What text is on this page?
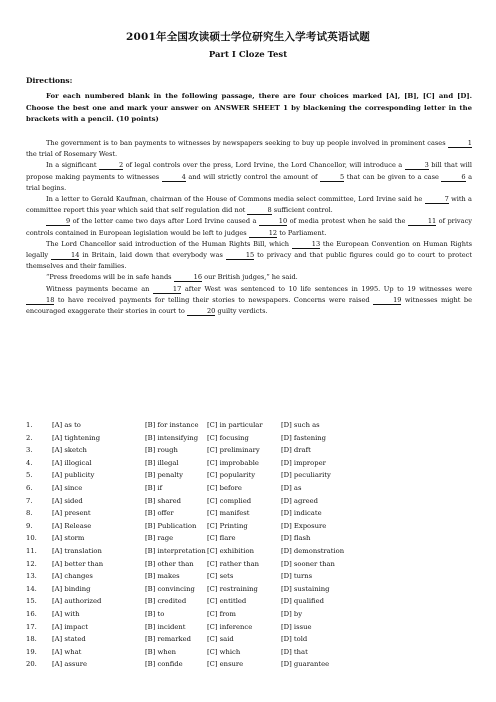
2001年全国攻读硕士学位研究生入学考试英语试题
Part I Cloze Test
Directions:
For each numbered blank in the following passage, there are four choices marked [A], [B], [C] and [D]. Choose the best one and mark your answer on ANSWER SHEET 1 by blackening the corresponding letter in the brackets with a pencil. (10 points)

The government is to ban payments to witnesses by newspapers seeking to buy up people involved in prominent cases	1 the trial of Rosemary West.

In a significant	2 of legal controls over the press, Lord Irvine, the Lord Chancellor, will introduce a	3 bill that will propose making payments to witnesses	4 and will strictly control the amount of	5 that can be given to a case	6 a trial begins.

In a letter to Gerald Kaufman, chairman of the House of Commons media select committee, Lord Irvine said he	7 with a committee report this year which said that self regulation did not	8 sufficient control.

9 of the letter came two days after Lord Irvine caused a	10 of media protest when he said the	11 of privacy controls contained in European legislation would be left to judges	12 to Parliament.

The Lord Chancellor said introduction of the Human Rights Bill, which	13 the European Convention on Human Rights legally	14 in Britain, laid down that everybody was	15 to privacy and that public figures could go to court to protect themselves and their families.

“Press freedoms will be in safe hands	16 our British judges,” he said.

Witness payments became an	17 after West was sentenced to 10 life sentences in 1995. Up to 19 witnesses were 18 to have received payments for telling their stories to newspapers. Concerns were raised	19 witnesses might be encouraged exaggerate their stories in court to	20 guilty verdicts.

1.	[A] as to	[B] for instance	[C] in particular	[D] such as
2.	[A] tightening	[B] intensifying	[C] focusing	[D] fastening
3.	[A] sketch	[B] rough	[C] preliminary	[D] draft
4.	[A] illogical	[B] illegal	[C] improbable	[D] improper
5.	[A] publicity	[B] penalty	[C] popularity	[D] peculiarity
6.	[A] since	[B] if	[C] before	[D] as
7.	[A] sided	[B] shared	[C] complied	[D] agreed
8.	[A] present	[B] offer	[C] manifest	[D] indicate
9.	[A] Release	[B] Publication	[C] Printing	[D] Exposure
10.	[A] storm	[B] rage	[C] flare	[D] flash
11.	[A] translation	[B] interpretation [C] exhibition	[D] demonstration
12.	[A] better than	[B] other than	[C] rather than	[D] sooner than
13.	[A] changes	[B] makes	[C] sets	[D] turns
14.	[A] binding	[B] convincing	[C] restraining	[D] sustaining
15.	[A] authorized	[B] credited	[C] entitled	[D] qualified
16.	[A] with	[B] to	[C] from	[D] by
17.	[A] impact	[B] incident	[C] inference	[D] issue
18.	[A] stated	[B] remarked	[C] said	[D] told
19.	[A] what	[B] when	[C] which	[D] that
20.	[A] assure	[B] confide	[C] ensure	[D] guarantee
